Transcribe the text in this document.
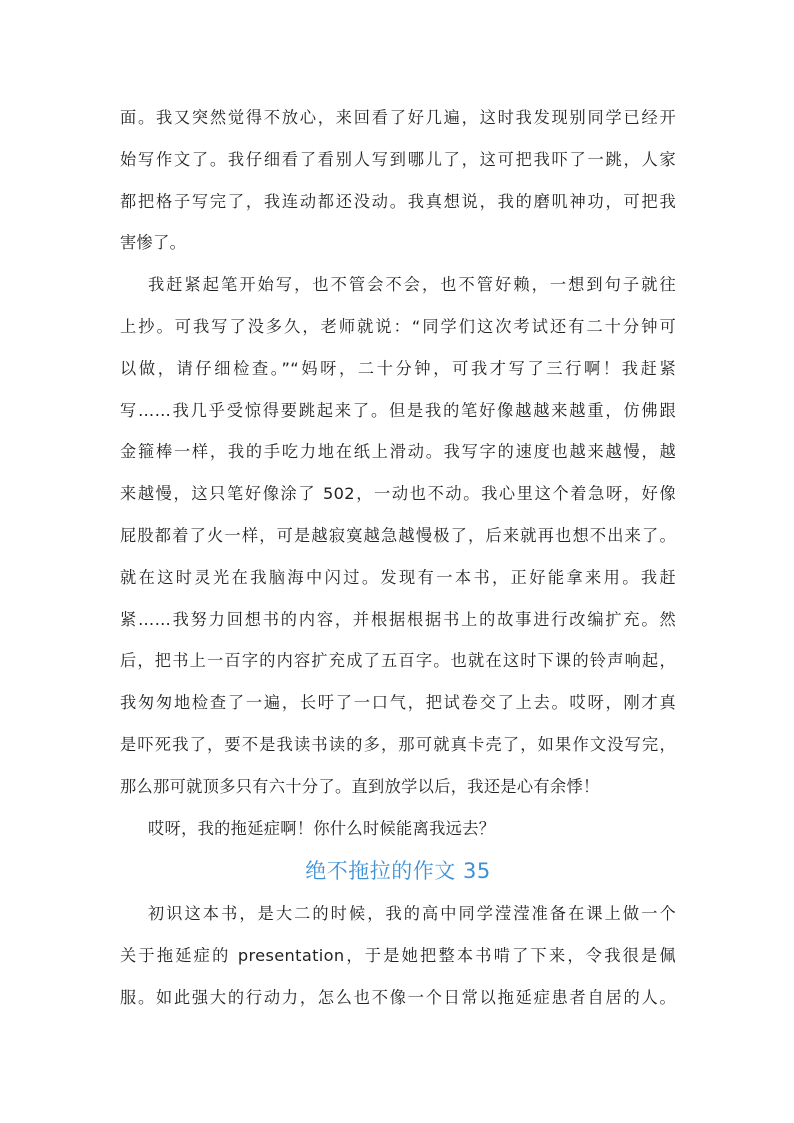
面。我又突然觉得不放心，来回看了好几遍，这时我发现别同学已经开
始写作文了。我仔细看了看别人写到哪儿了，这可把我吓了一跳，人家
都把格子写完了，我连动都还没动。我真想说，我的磨叽神功，可把我
害惨了。
我赶紧起笔开始写，也不管会不会，也不管好赖，一想到句子就往
上抄。可我写了没多久，老师就说：“同学们这次考试还有二十分钟可
以做，请仔细检查。”“妈呀，二十分钟，可我才写了三行啊！我赶紧
写……我几乎受惊得要跳起来了。但是我的笔好像越越来越重，仿佛跟
金箍棒一样，我的手吃力地在纸上滑动。我写字的速度也越来越慢，越
来越慢，这只笔好像涂了 502，一动也不动。我心里这个着急呀，好像
屁股都着了火一样，可是越寂寞越急越慢极了，后来就再也想不出来了。
就在这时灵光在我脑海中闪过。发现有一本书，正好能拿来用。我赶
紧……我努力回想书的内容，并根据根据书上的故事进行改编扩充。然
后，把书上一百字的内容扩充成了五百字。也就在这时下课的铃声响起，
我匆匆地检查了一遍，长吁了一口气，把试卷交了上去。哎呀，刚才真
是吓死我了，要不是我读书读的多，那可就真卡壳了，如果作文没写完，
那么那可就顶多只有六十分了。直到放学以后，我还是心有余悸！
哎呀，我的拖延症啊！你什么时候能离我远去？
绝不拖拉的作文 35
初识这本书，是大二的时候，我的高中同学滢滢准备在课上做一个
关于拖延症的 presentation，于是她把整本书啃了下来，令我很是佩
服。如此强大的行动力，怎么也不像一个日常以拖延症患者自居的人。
